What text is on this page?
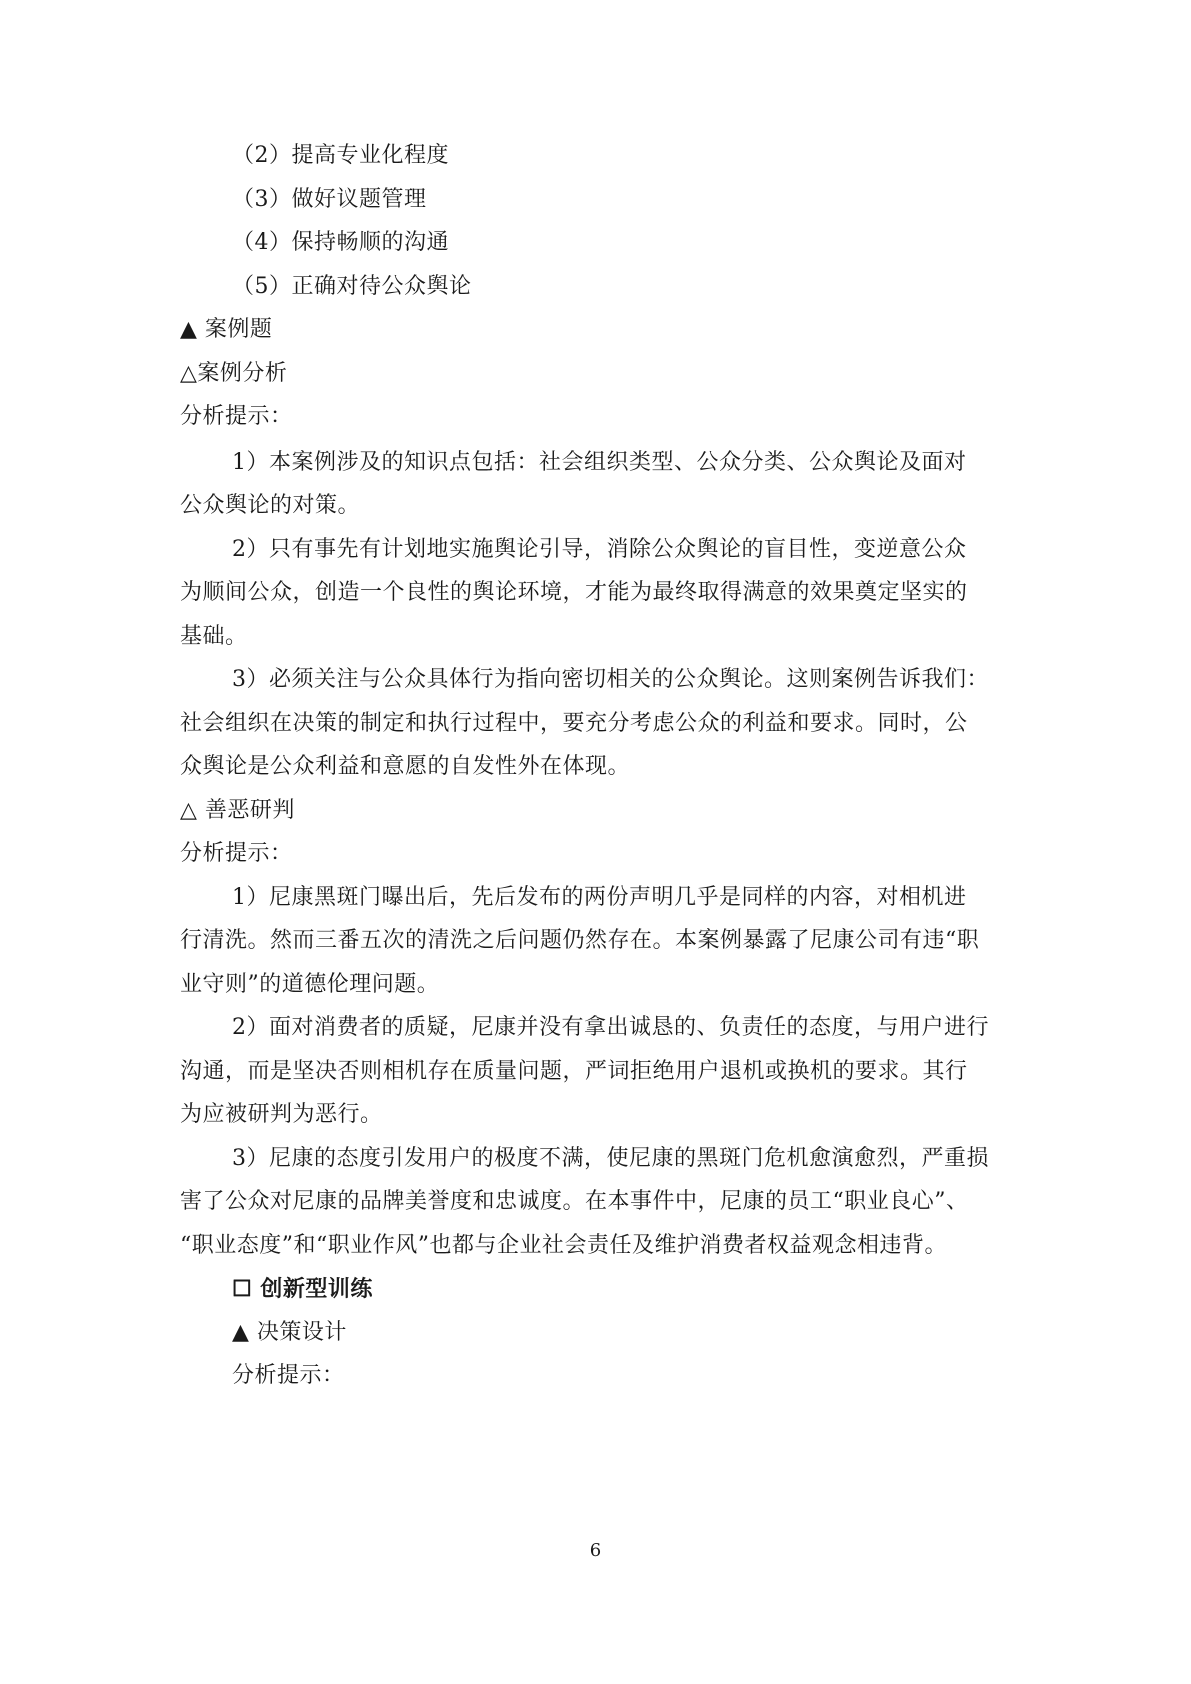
（2）提高专业化程度
（3）做好议题管理
（4）保持畅顺的沟通
（5）正确对待公众舆论
▲ 案例题
△案例分析
分析提示：
1）本案例涉及的知识点包括：社会组织类型、公众分类、公众舆论及面对
公众舆论的对策。
2）只有事先有计划地实施舆论引导，消除公众舆论的盲目性，变逆意公众
为顺间公众，创造一个良性的舆论环境，才能为最终取得满意的效果奠定坚实的
基础。
3）必须关注与公众具体行为指向密切相关的公众舆论。这则案例告诉我们：
社会组织在决策的制定和执行过程中，要充分考虑公众的利益和要求。同时，公
众舆论是公众利益和意愿的自发性外在体现。
△ 善恶研判
分析提示：
1）尼康黑斑门曝出后，先后发布的两份声明几乎是同样的内容，对相机进
行清洗。然而三番五次的清洗之后问题仍然存在。本案例暴露了尼康公司有违“职
业守则”的道德伦理问题。
2）面对消费者的质疑，尼康并没有拿出诚恳的、负责任的态度，与用户进行
沟通，而是坚决否则相机存在质量问题，严词拒绝用户退机或换机的要求。其行
为应被研判为恶行。
3）尼康的态度引发用户的极度不满，使尼康的黑斑门危机愈演愈烈，严重损
害了公众对尼康的品牌美誉度和忠诚度。在本事件中，尼康的员工“职业良心”、
“职业态度”和“职业作风”也都与企业社会责任及维护消费者权益观念相违背。
☐ 创新型训练
▲ 决策设计
分析提示：
6
